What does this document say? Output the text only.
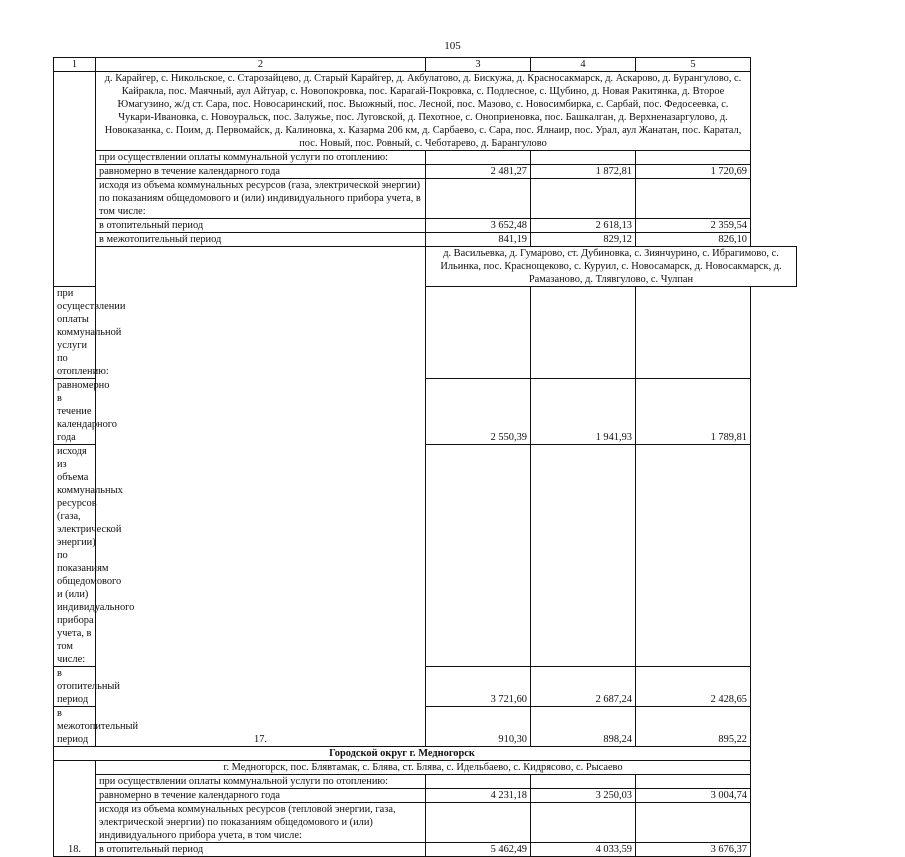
105
1	2	3	4	5
	д. Карайгер, с. Никольское, с. Старозайцево, д. Старый Карайгер, д. Акбулатово, д. Бискужа, д. Красносакмарск, д. Аскарово, д. Бурангулово, с. Кайракла, пос. Маячный, аул Айтуар, с. Новопокровка, пос. Карагай-Покровка, с. Подлесное, с. Щубино, д. Новая Ракитянка, д. Второе Юмагузино, ж/д ст. Сара, пос. Новосаринский, пос. Выожный, пос. Лесной, пос. Мазово, с. Новосимбирка, с. Сарбай, пос. Федосеевка, с. Чукари-Ивановка, с. Новоуральск, пос. Залужье, пос. Луговской, д. Пехотное, с. Оноприеновка, пос. Башкалган, д. Верхненазаргулово, д. Новоказанка, с. Поим, д. Первомайск, д. Калиновка, х. Казарма 206 км, д. Сарбаево, с. Сара, пос. Ялнаир, пос. Урал, аул Жанатан, пос. Каратал, пос. Новый, пос. Ровный, с. Чеботарево, д. Барангулово			
	при осуществлении оплаты коммунальной услуги по отоплению:			
	равномерно в течение календарного года	2 481,27	1 872,81	1 720,69
	исходя из объема коммунальных ресурсов (газа, электрической энергии) по показаниям общедомового и (или) индивидуального прибора учета, в том числе:			
	в отопительный период	3 652,48	2 618,13	2 359,54
	в межотопительный период	841,19	829,12	826,10
	17.	д. Васильевка, д. Гумарово, ст. Дубиновка, с. Зиянчурино, с. Ибрагимово, с. Ильинка, пос. Краснощеково, с. Куруил, с. Новосамарск, д. Новосакмарск, д. Рамазаново, д. Тлявгулово, с. Чулпан		
при осуществлении оплаты коммунальной услуги по отоплению:				
равномерно в течение календарного года		2 550,39	1 941,93	1 789,81
исходя из объема коммунальных ресурсов (газа, электрической энергии) по показаниям общедомового и (или) индивидуального прибора учета, в том числе:				
в отопительный период		3 721,60	2 687,24	2 428,65
в межотопительный период		910,30	898,24	895,22
Городской округ г. Медногорск				
18.	г. Медногорск, пос. Блявтамак, с. Блява, ст. Блява, с. Идельбаево, с. Кидрясово, с. Рысаево			
	при осуществлении оплаты коммунальной услуги по отоплению:			
	равномерно в течение календарного года	4 231,18	3 250,03	3 004,74
	исходя из объема коммунальных ресурсов (тепловой энергии, газа, электрической энергии) по показаниям общедомового и (или) индивидуального прибора учета, в том числе:			
	в отопительный период	5 462,49	4 033,59	3 676,37
